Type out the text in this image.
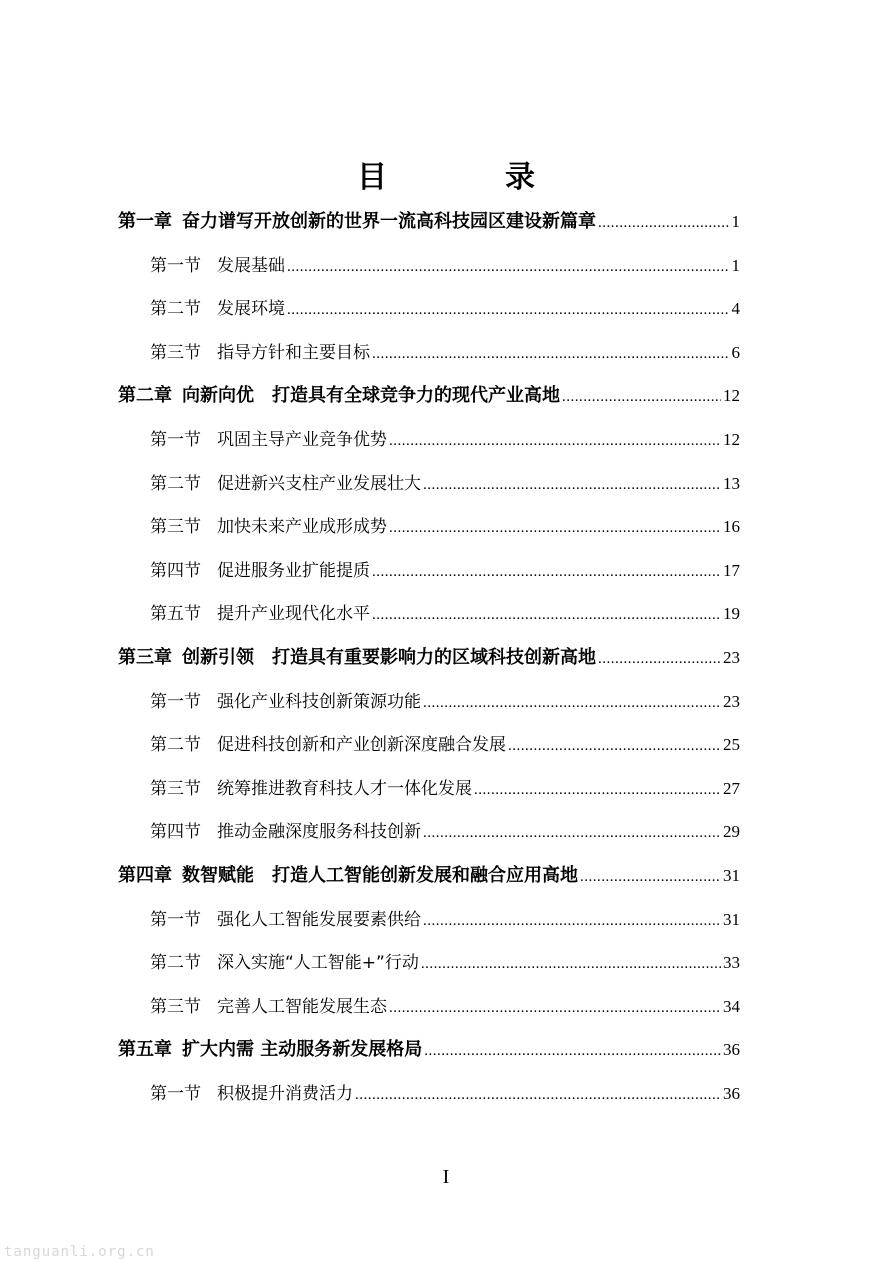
目　录
第一章 奋力谱写开放创新的世界一流高科技园区建设新篇章 .....	1
第一节 发展基础 .....	1
第二节 发展环境 .....	4
第三节 指导方针和主要目标 .....	6
第二章 向新向优　打造具有全球竞争力的现代产业高地 .....	12
第一节 巩固主导产业竞争优势 .....	12
第二节 促进新兴支柱产业发展壮大 .....	13
第三节 加快未来产业成形成势 .....	16
第四节 促进服务业扩能提质 .....	17
第五节 提升产业现代化水平 .....	19
第三章 创新引领　打造具有重要影响力的区域科技创新高地 .....	23
第一节 强化产业科技创新策源功能 .....	23
第二节 促进科技创新和产业创新深度融合发展 .....	25
第三节 统筹推进教育科技人才一体化发展 .....	27
第四节 推动金融深度服务科技创新 .....	29
第四章 数智赋能　打造人工智能创新发展和融合应用高地 .....	31
第一节 强化人工智能发展要素供给 .....	31
第二节 深入实施“人工智能+”行动 .....	33
第三节 完善人工智能发展生态 .....	34
第五章 扩大内需 主动服务新发展格局 .....	36
第一节 积极提升消费活力 .....	36
I
tanguanli.org.cn
